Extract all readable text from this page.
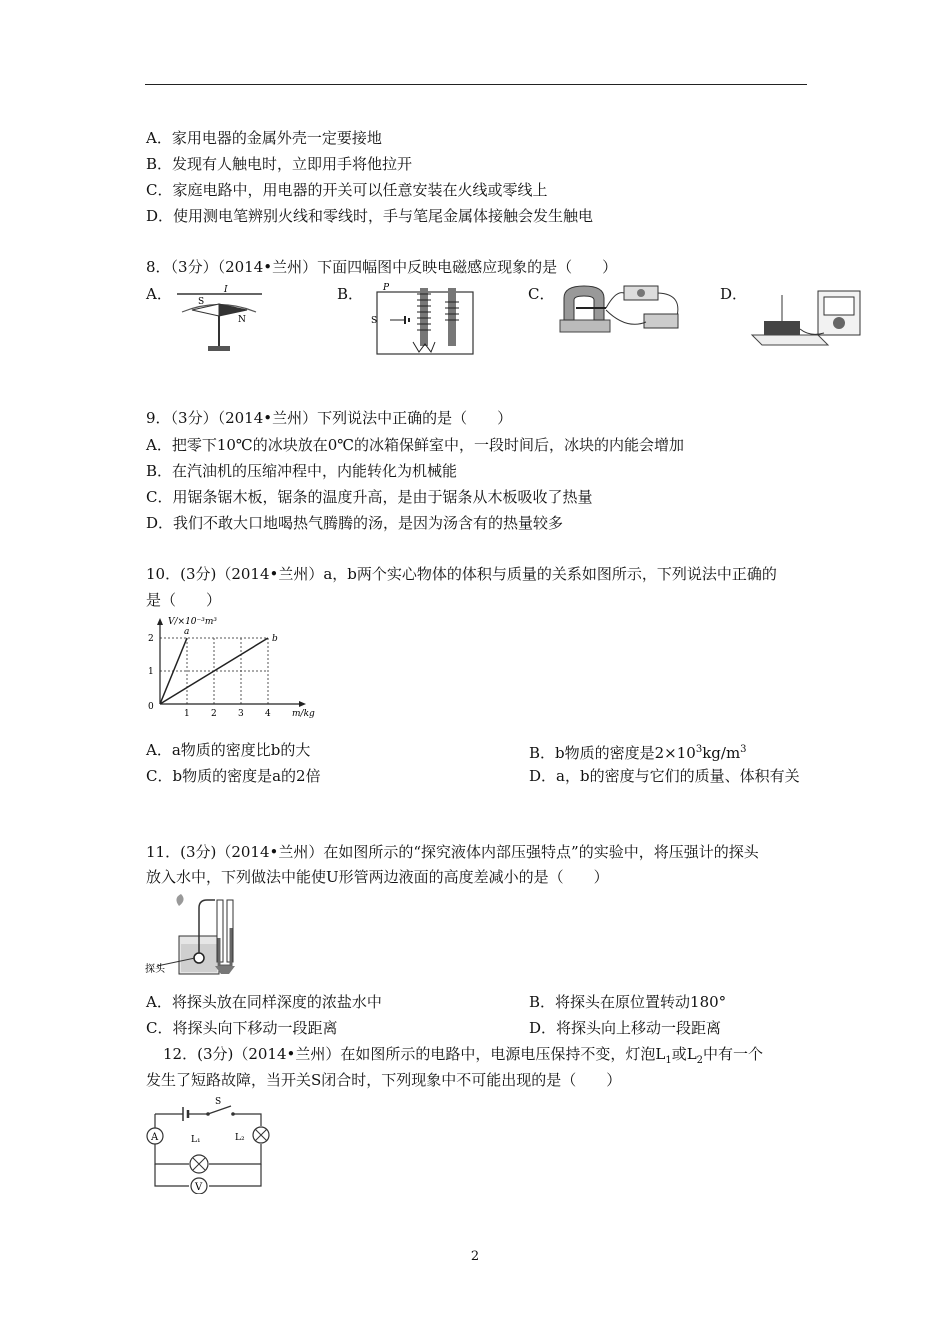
A．家用电器的金属外壳一定要接地
B．发现有人触电时，立即用手将他拉开
C．家庭电路中，用电器的开关可以任意安装在火线或零线上
D．使用测电笔辨别火线和零线时，手与笔尾金属体接触会发生触电
8．（3分）（2014•兰州）下面四幅图中反映电磁感应现象的是（　　）
A．	B．	C．	D．
S
N
I	P
S
9．（3分）（2014•兰州）下列说法中正确的是（　　）
A．把零下10℃的冰块放在0℃的冰箱保鲜室中，一段时间后，冰块的内能会增加
B．在汽油机的压缩冲程中，内能转化为机械能
C．用锯条锯木板，锯条的温度升高，是由于锯条从木板吸收了热量
D．我们不敢大口地喝热气腾腾的汤，是因为汤含有的热量较多
10．(3分)（2014•兰州）a，b两个实心物体的体积与质量的关系如图所示，下列说法中正确的
是（　　）
1 2 3 4
1
2
a
b
V/×10⁻³m³
m/kg
0
A．a物质的密度比b的大	B．b物质的密度是$2\times 10^3kg/m^3$
C．b物质的密度是a的2倍	D．a，b的密度与它们的质量、体积有关
11．(3分)（2014•兰州）在如图所示的“探究液体内部压强特点”的实验中，将压强计的探头
放入水中，下列做法中能使U形管两边液面的高度差减小的是（　　）
探头
A．将探头放在同样深度的浓盐水中	B．将探头在原位置转动180°
C．将探头向下移动一段距离	D．将探头向上移动一段距离
12．(3分)（2014•兰州）在如图所示的电路中，电源电压保持不变，灯泡$L_1$或$L_2$中有一个
发生了短路故障，当开关S闭合时，下列现象中不可能出现的是（　　）
A
V
S
L₁	L₂
2
